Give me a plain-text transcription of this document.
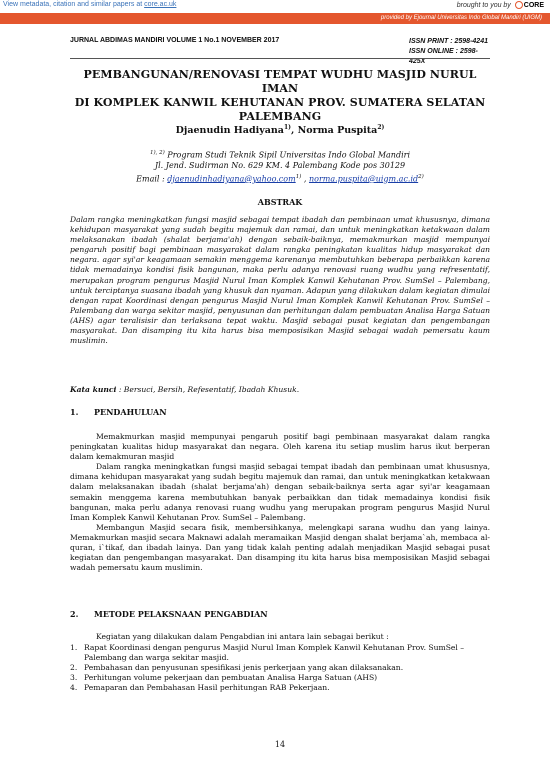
View metadata, citation and similar papers at core.ac.uk	brought to you by CORE
provided by Ejournal Universitas Indo Global Mandiri (UIGM)
JURNAL ABDIMAS MANDIRI VOLUME 1 No.1 NOVEMBER 2017	ISSN PRINT : 2598-4241
ISSN ONLINE : 2598-425X
PEMBANGUNAN/RENOVASI TEMPAT WUDHU MASJID NURUL IMAN
DI KOMPLEK KANWIL KEHUTANAN PROV. SUMATERA SELATAN
PALEMBANG
Djaenudin Hadiyana$^{1)}$, Norma Puspita$^{2)}$
$^{1), 2)}$ Program Studi Teknik Sipil Universitas Indo Global Mandiri
Jl. Jend. Sudirman No. 629 KM. 4 Palembang Kode pos 30129
Email : djaenudinhadiyana@yahoo.com$^{1)}$ , $norma.puspita@uigm.ac.id^{2)}$
ABSTRAK
Dalam rangka meningkatkan fungsi masjid sebagai tempat ibadah dan pembinaan umat khususnya, dimana kehidupan masyarakat yang sudah begitu majemuk dan ramai, dan untuk meningkatkan ketakwaan dalam melaksanakan ibadah (shalat berjama'ah) dengan sebaik-baiknya, memakmurkan masjid mempunyai pengaruh positif bagi pembinaan masyarakat dalam rangka peningkatan kualitas hidup masyarakat dan negara. agar syi'ar keagamaan semakin menggema karenanya membutuhkan beberapa perbaikkan karena tidak memadainya kondisi fisik bangunan, maka perlu adanya renovasi ruang wudhu yang refresentatif, merupakan program pengurus Masjid Nurul Iman Komplek Kanwil Kehutanan Prov. SumSel – Palembang, untuk terciptanya suasana ibadah yang khusuk dan nyaman. Adapun yang dilakukan dalam kegiatan dimulai dengan rapat Koordinasi dengan pengurus Masjid Nurul Iman Komplek Kanwil Kehutanan Prov. SumSel – Palembang dan warga sekitar masjid, penyusunan dan perhitungan dalam pembuatan Analisa Harga Satuan (AHS) agar teralisisir dan terlaksana tepat waktu. Masjid sebagai pusat kegiatan dan pengembangan masyarakat. Dan disamping itu kita harus bisa memposisikan Masjid sebagai wadah pemersatu kaum muslimin.
Kata kunci : Bersuci, Bersih, Refesentatif, Ibadah Khusuk.
1. PENDAHULUAN

Memakmurkan masjid mempunyai pengaruh positif bagi pembinaan masyarakat dalam rangka peningkatan kualitas hidup masyarakat dan negara. Oleh karena itu setiap muslim harus ikut berperan dalam kemakmuran masjid

Dalam rangka meningkatkan fungsi masjid sebagai tempat ibadah dan pembinaan umat khususnya, dimana kehidupan masyarakat yang sudah begitu majemuk dan ramai, dan untuk meningkatkan ketakwaan dalam melaksanakan ibadah (shalat berjama'ah) dengan sebaik-baiknya serta agar syi'ar keagamaan semakin menggema karena membutuhkan banyak perbaikkan dan tidak memadainya kondisi fisik bangunan, maka perlu adanya renovasi ruang wudhu yang merupakan program pengurus Masjid Nurul Iman Komplek Kanwil Kehutanan Prov. SumSel – Palembang.

Membangun Masjid secara fisik, membersihkanya, melengkapi sarana wudhu dan yang lainya. Memakmurkan masjid secara Maknawi adalah meramaikan Masjid dengan shalat berjama`ah, membaca al-quran, i`tikaf, dan ibadah lainya. Dan yang tidak kalah penting adalah menjadikan Masjid sebagai pusat kegiatan dan pengembangan masyarakat. Dan disamping itu kita harus bisa memposisikan Masjid sebagai wadah pemersatu kaum muslimin.

2. METODE PELAKSNAAN PENGABDIAN

Kegiatan yang dilakukan dalam Pengabdian ini antara lain sebagai berikut :

1. Rapat Koordinasi dengan pengurus Masjid Nurul Iman Komplek Kanwil Kehutanan Prov. SumSel – Palembang dan warga sekitar masjid.
2. Pembahasan dan penyusunan spesifikasi jenis perkerjaan yang akan dilaksanakan.
3. Perhitungan volume pekerjaan dan pembuatan Analisa Harga Satuan (AHS)
4. Pemaparan dan Pembahasan Hasil perhitungan RAB Pekerjaan.
14
